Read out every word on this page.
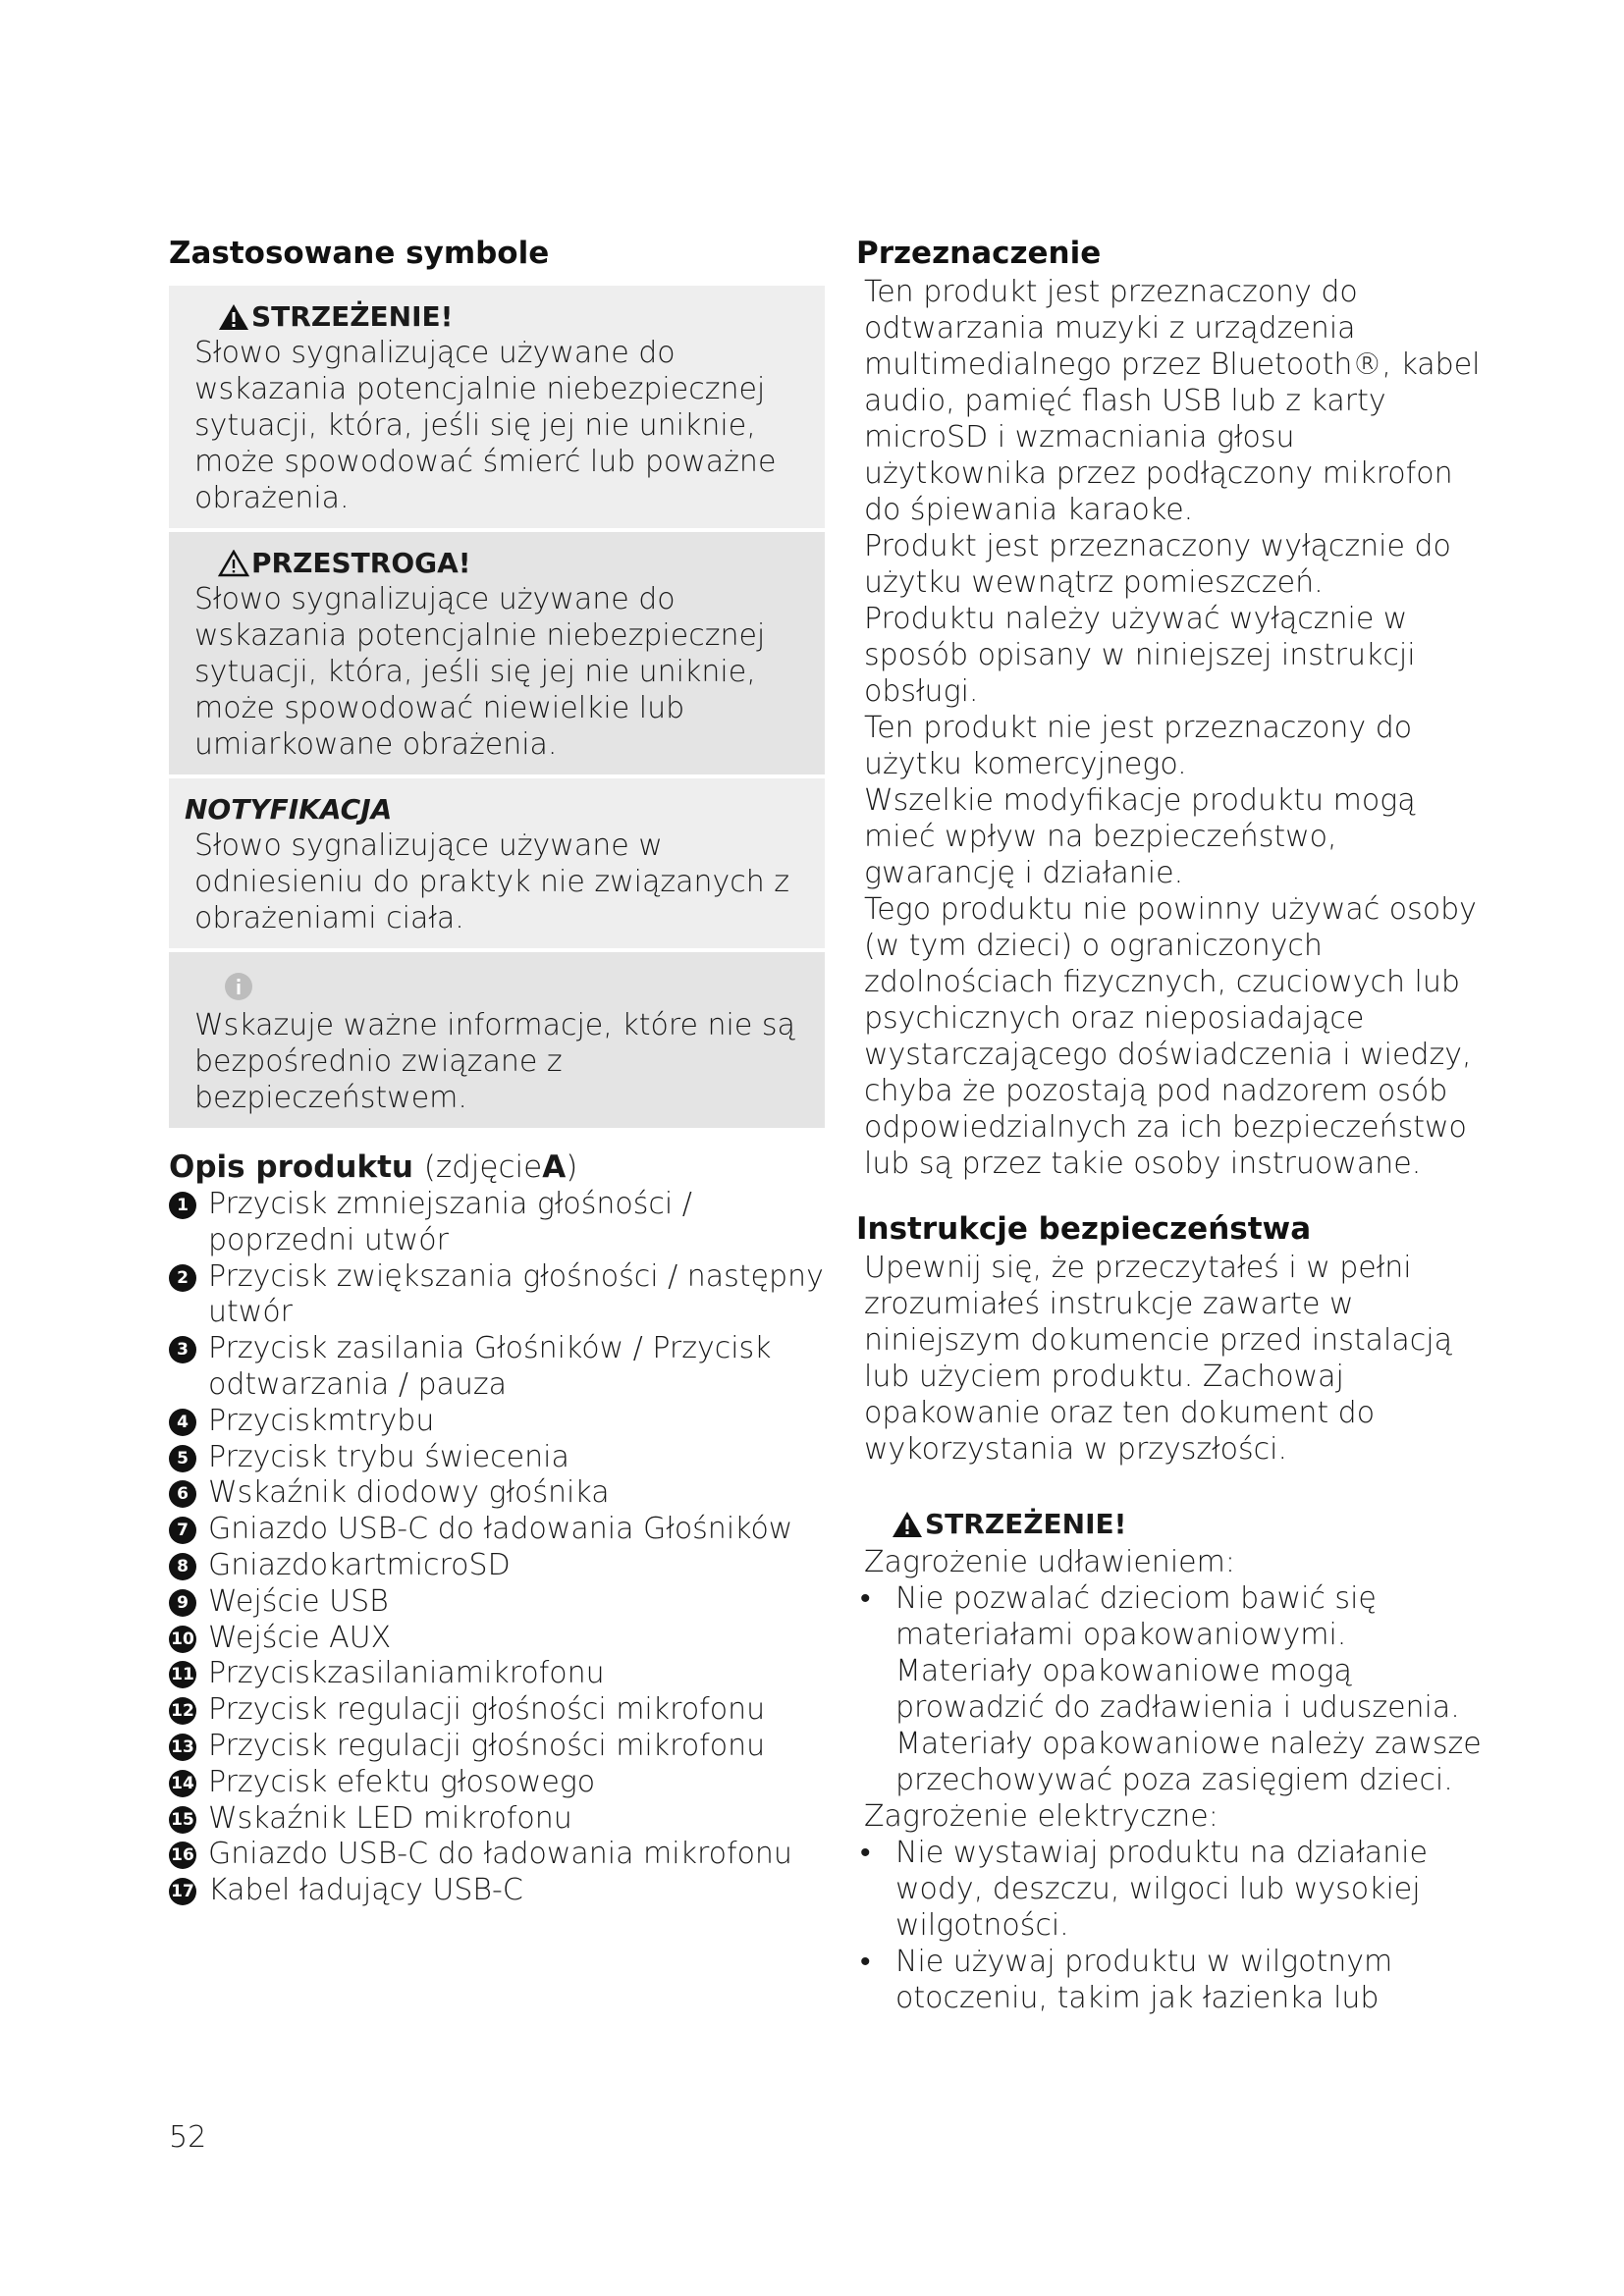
Zastosowane symbole
STRZEŻENIE!

Słowo sygnalizujące używane do wskazania potencjalnie niebezpiecznej sytuacji, która, jeśli się jej nie uniknie, może spowodować śmierć lub poważne obrażenia.

PRZESTROGA!

Słowo sygnalizujące używane do wskazania potencjalnie niebezpiecznej sytuacji, która, jeśli się jej nie uniknie, może spowodować niewielkie lub umiarkowane obrażenia.

NOTYFIKACJA

Słowo sygnalizujące używane w odniesieniu do praktyk nie związanych z obrażeniami ciała.

Wskazuje ważne informacje, które nie są bezpośrednio związane z bezpieczeństwem.

Opis produktu (zdjęcieA)
1 Przycisk zmniejszania głośności / poprzedni utwór
2 Przycisk zwiększania głośności / następny utwór
3 Przycisk zasilania Głośników / Przycisk odtwarzania / pauza
4 Przyciskmtrybu
5 Przycisk trybu świecenia
6 Wskaźnik diodowy głośnika
7 Gniazdo USB-C do ładowania Głośników
8 GniazdokartmicroSD
9 Wejście USB
10 Wejście AUX
11 Przyciskzasilaniamikrofonu
12 Przycisk regulacji głośności mikrofonu
13 Przycisk regulacji głośności mikrofonu
14 Przycisk efektu głosowego
15 Wskaźnik LED mikrofonu
16 Gniazdo USB-C do ładowania mikrofonu
17 Kabel ładujący USB-C
Przeznaczenie
Ten produkt jest przeznaczony do odtwarzania muzyki z urządzenia multimedialnego przez Bluetooth®, kabel audio, pamięć flash USB lub z karty microSD i wzmacniania głosu użytkownika przez podłączony mikrofon do śpiewania karaoke.
Produkt jest przeznaczony wyłącznie do użytku wewnątrz pomieszczeń.
Produktu należy używać wyłącznie w sposób opisany w niniejszej instrukcji obsługi.
Ten produkt nie jest przeznaczony do użytku komercyjnego.
Wszelkie modyfikacje produktu mogą mieć wpływ na bezpieczeństwo, gwarancję i działanie.
Tego produktu nie powinny używać osoby (w tym dzieci) o ograniczonych zdolnościach fizycznych, czuciowych lub psychicznych oraz nieposiadające wystarczającego doświadczenia i wiedzy, chyba że pozostają pod nadzorem osób odpowiedzialnych za ich bezpieczeństwo lub są przez takie osoby instruowane.
Instrukcje bezpieczeństwa
Upewnij się, że przeczytałeś i w pełni zrozumiałeś instrukcje zawarte w niniejszym dokumencie przed instalacją lub użyciem produktu. Zachowaj opakowanie oraz ten dokument do wykorzystania w przyszłości.
STRZEŻENIE!
Zagrożenie udławieniem:
• Nie pozwalać dzieciom bawić się materiałami opakowaniowymi. Materiały opakowaniowe mogą prowadzić do zadławienia i uduszenia. Materiały opakowaniowe należy zawsze przechowywać poza zasięgiem dzieci.
Zagrożenie elektryczne:
• Nie wystawiaj produktu na działanie wody, deszczu, wilgoci lub wysokiej wilgotności.
• Nie używaj produktu w wilgotnym otoczeniu, takim jak łazienka lub
52
